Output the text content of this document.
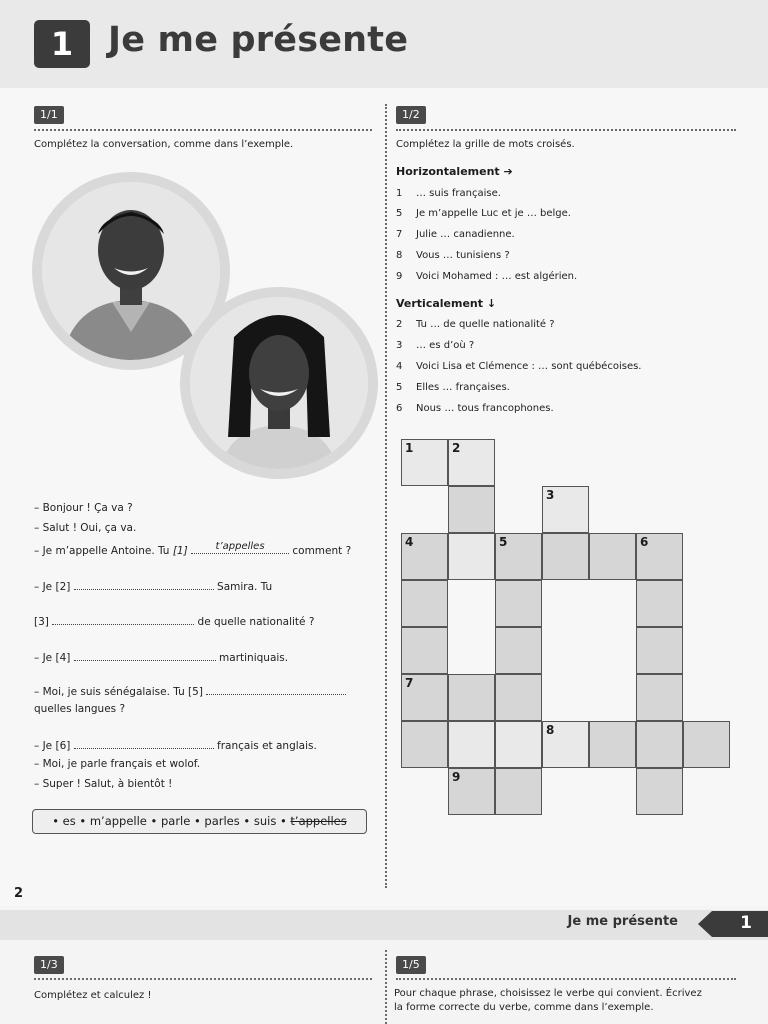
1 Je me présente
1/1
Complétez la conversation, comme dans l’exemple.
– Bonjour ! Ça va ?
– Salut ! Oui, ça va.
– Je m’appelle Antoine. Tu [1]	t’appelles	comment ?
– Je [2]	Samira. Tu
[3]	de quelle nationalité ?
– Je [4]	martiniquais.
– Moi, je suis sénégalaise. Tu [5]
quelles langues ?
– Je [6]	français et anglais.
– Moi, je parle français et wolof.
– Super ! Salut, à bientôt !
• es • m’appelle • parle • parles • suis • t’appelles
2
1/2
Complétez la grille de mots croisés.
Horizontalement ➔
1 … suis française.
5 Je m’appelle Luc et je … belge.
7 Julie … canadienne.
8 Vous … tunisiens ?
9 Voici Mohamed : … est algérien.
Verticalement ↓
2 Tu … de quelle nationalité ?
3 … es d’où ?
4 Voici Lisa et Clémence : … sont québécoises.
5 Elles … françaises.
6 Nous … tous francophones.
1	2
3
4	5	6
7
8
9
Je me présente	1
1/3
Complétez et calculez !
1/5
Pour chaque phrase, choisissez le verbe qui convient. Écrivez
la forme correcte du verbe, comme dans l’exemple.
